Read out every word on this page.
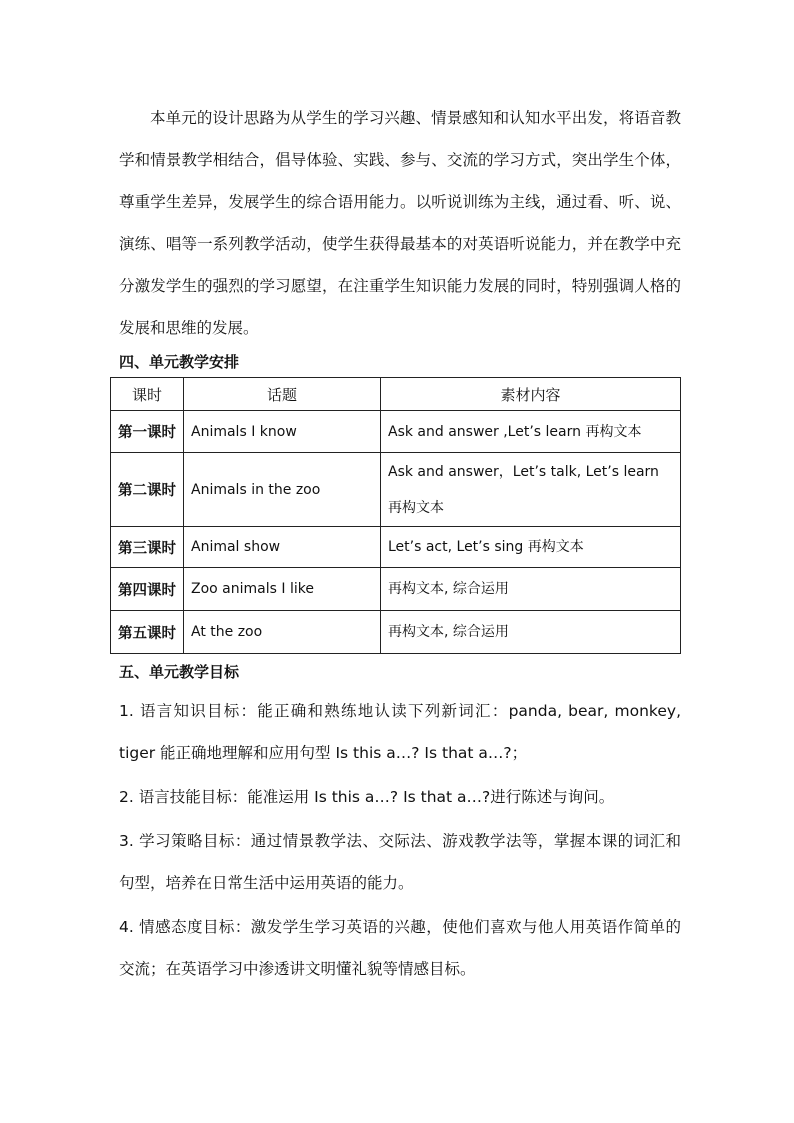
本单元的设计思路为从学生的学习兴趣、情景感知和认知水平出发，将语音教学和情景教学相结合，倡导体验、实践、参与、交流的学习方式，突出学生个体，尊重学生差异，发展学生的综合语用能力。以听说训练为主线，通过看、听、说、演练、唱等一系列教学活动，使学生获得最基本的对英语听说能力，并在教学中充分激发学生的强烈的学习愿望，在注重学生知识能力发展的同时，特别强调人格的发展和思维的发展。

四、单元教学安排
课时	话题	素材内容
第一课时	Animals I know	Ask and answer ,Let’s learn 再构文本
第二课时	Animals in the zoo	Ask and answer，Let’s talk, Let’s learn 再构文本
第三课时	Animal show	Let’s act, Let’s sing 再构文本
第四课时	Zoo animals I like	再构文本, 综合运用
第五课时	At the zoo	再构文本, 综合运用
五、单元教学目标
1. 语言知识目标：能正确和熟练地认读下列新词汇：panda, bear, monkey, tiger 能正确地理解和应用句型 Is this a…? Is that a…?；
2. 语言技能目标：能准运用 Is this a…? Is that a…?进行陈述与询问。
3. 学习策略目标：通过情景教学法、交际法、游戏教学法等，掌握本课的词汇和句型，培养在日常生活中运用英语的能力。
4. 情感态度目标：激发学生学习英语的兴趣，使他们喜欢与他人用英语作简单的交流；在英语学习中渗透讲文明懂礼貌等情感目标。
